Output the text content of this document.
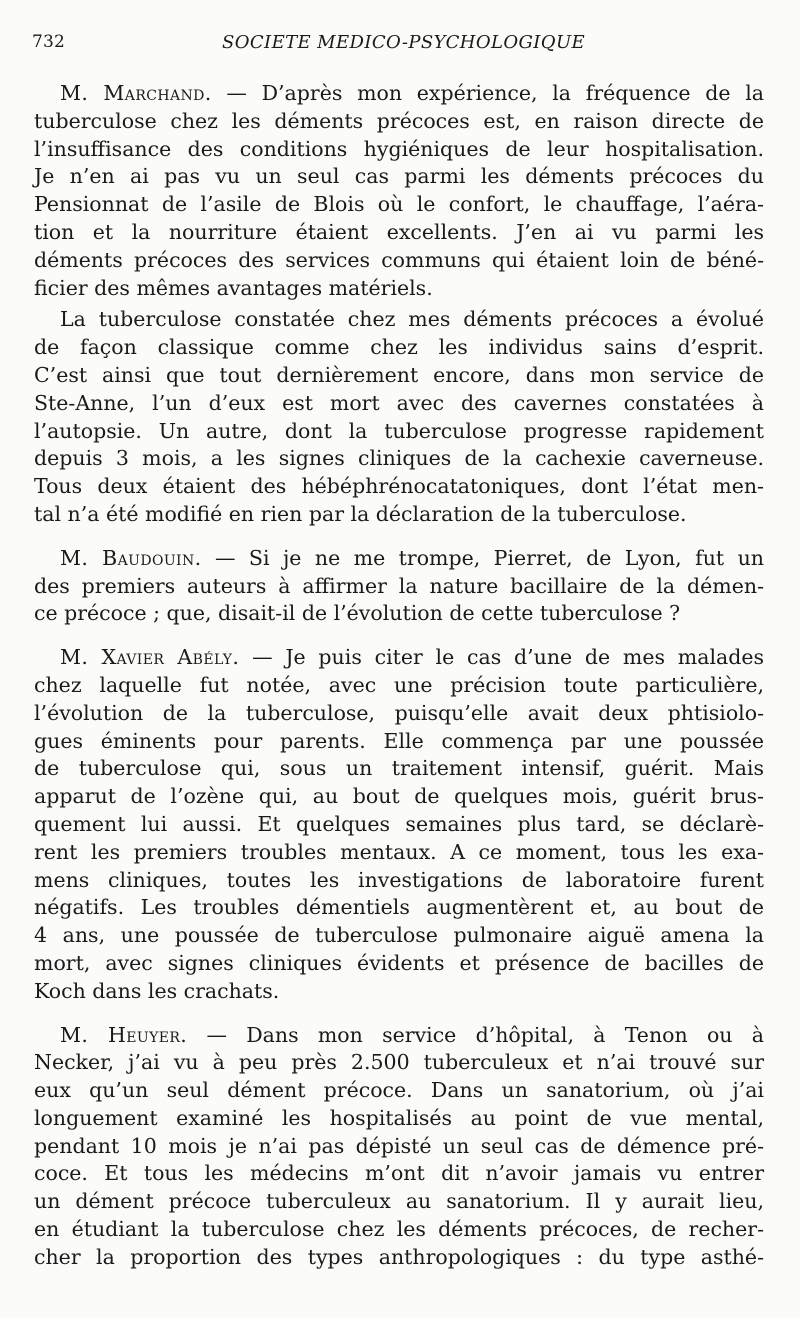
732	SOCIETE MEDICO-PSYCHOLOGIQUE
M. Marchand. — D’après mon expérience, la fréquence de la
tuberculose chez les déments précoces est, en raison directe de
l’insuffisance des conditions hygiéniques de leur hospitalisation.
Je n’en ai pas vu un seul cas parmi les déments précoces du
Pensionnat de l’asile de Blois où le confort, le chauffage, l’aéra-
tion et la nourriture étaient excellents. J’en ai vu parmi les
déments précoces des services communs qui étaient loin de béné-
ficier des mêmes avantages matériels.
La tuberculose constatée chez mes déments précoces a évolué
de façon classique comme chez les individus sains d’esprit.
C’est ainsi que tout dernièrement encore, dans mon service de
Ste-Anne, l’un d’eux est mort avec des cavernes constatées à
l’autopsie. Un autre, dont la tuberculose progresse rapidement
depuis 3 mois, a les signes cliniques de la cachexie caverneuse.
Tous deux étaient des hébéphrénocatatoniques, dont l’état men-
tal n’a été modifié en rien par la déclaration de la tuberculose.
M. Baudouin. — Si je ne me trompe, Pierret, de Lyon, fut un
des premiers auteurs à affirmer la nature bacillaire de la démen-
ce précoce ; que, disait-il de l’évolution de cette tuberculose ?
M. Xavier Abély. — Je puis citer le cas d’une de mes malades
chez laquelle fut notée, avec une précision toute particulière,
l’évolution de la tuberculose, puisqu’elle avait deux phtisiolo-
gues éminents pour parents. Elle commença par une poussée
de tuberculose qui, sous un traitement intensif, guérit. Mais
apparut de l’ozène qui, au bout de quelques mois, guérit brus-
quement lui aussi. Et quelques semaines plus tard, se déclarè-
rent les premiers troubles mentaux. A ce moment, tous les exa-
mens cliniques, toutes les investigations de laboratoire furent
négatifs. Les troubles démentiels augmentèrent et, au bout de
4 ans, une poussée de tuberculose pulmonaire aiguë amena la
mort, avec signes cliniques évidents et présence de bacilles de
Koch dans les crachats.
M. Heuyer. — Dans mon service d’hôpital, à Tenon ou à
Necker, j’ai vu à peu près 2.500 tuberculeux et n’ai trouvé sur
eux qu’un seul dément précoce. Dans un sanatorium, où j’ai
longuement examiné les hospitalisés au point de vue mental,
pendant 10 mois je n’ai pas dépisté un seul cas de démence pré-
coce. Et tous les médecins m’ont dit n’avoir jamais vu entrer
un dément précoce tuberculeux au sanatorium. Il y aurait lieu,
en étudiant la tuberculose chez les déments précoces, de recher-
cher la proportion des types anthropologiques : du type asthé-
